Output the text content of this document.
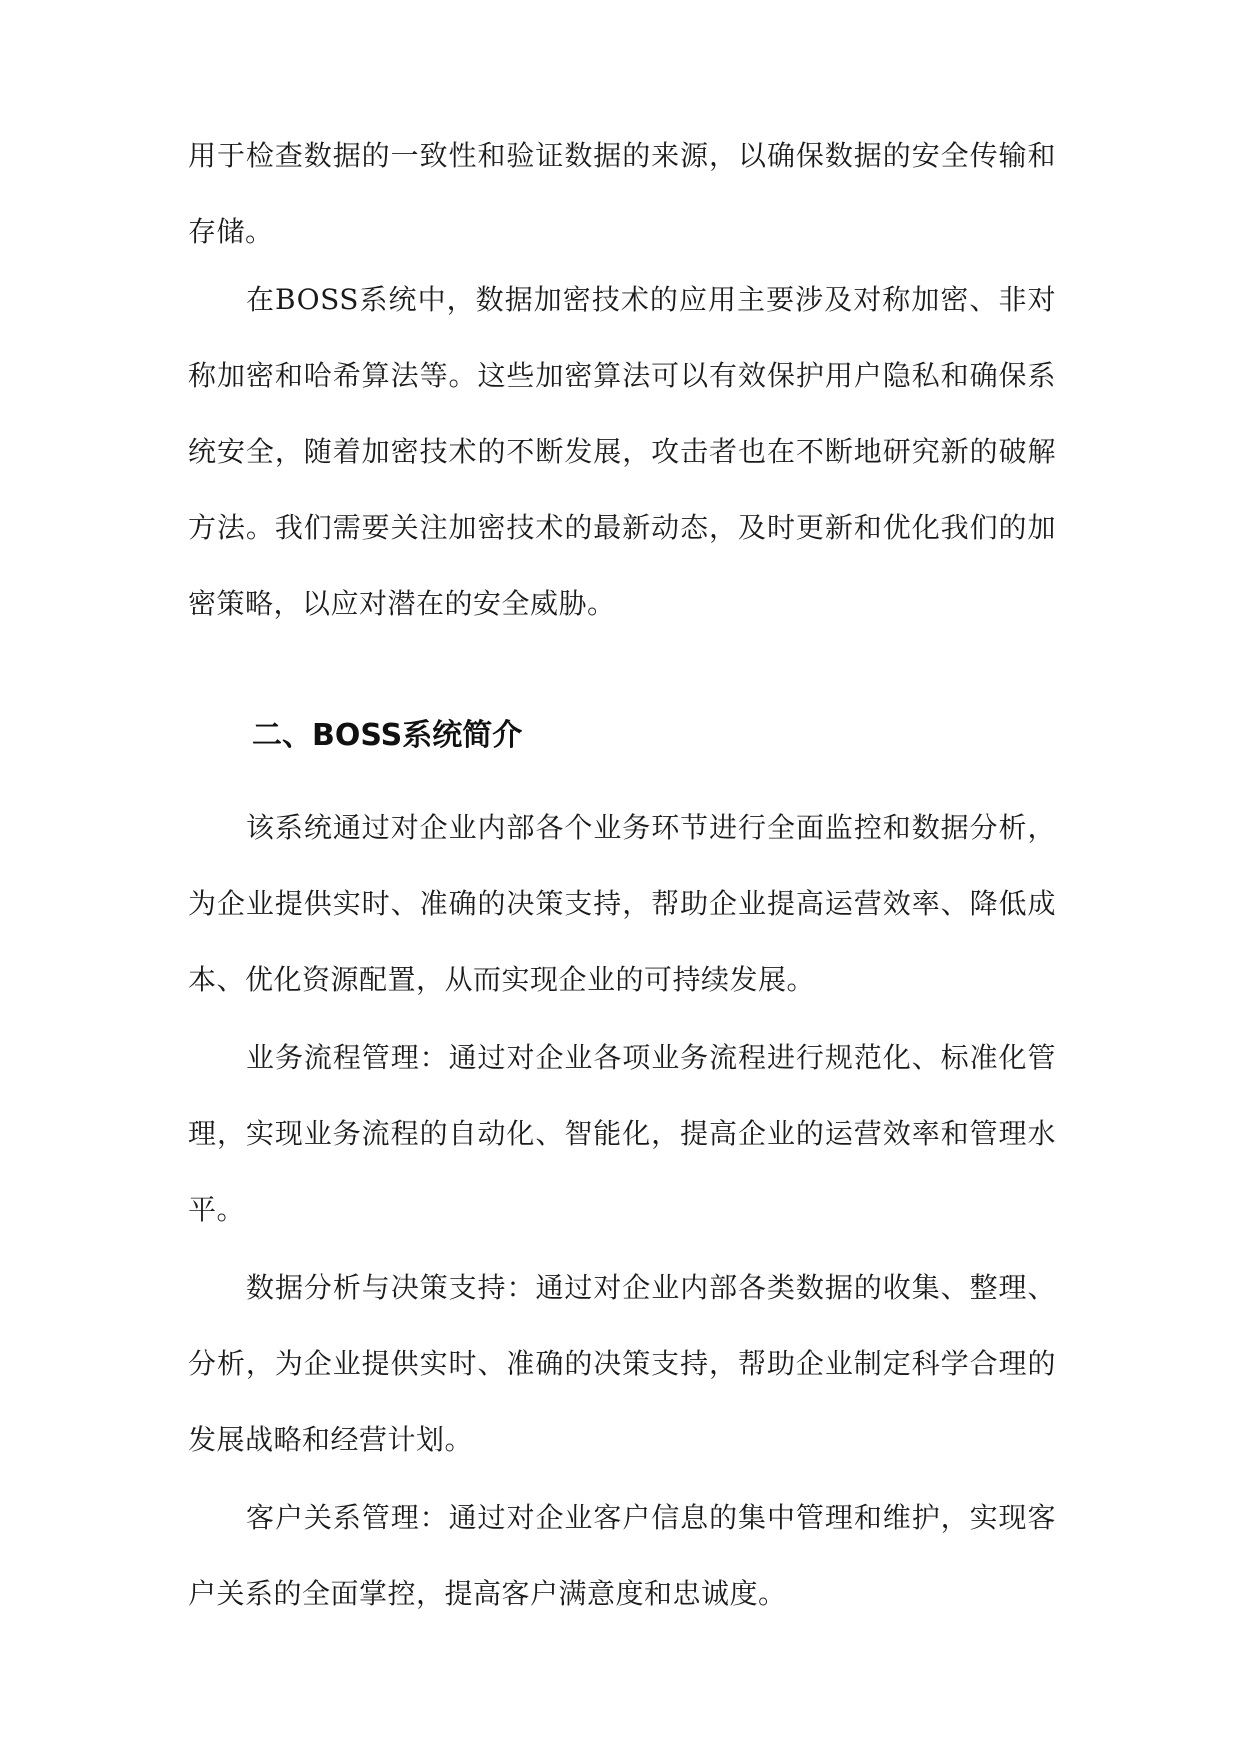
用于检查数据的一致性和验证数据的来源，以确保数据的安全传输和存储。

在BOSS系统中，数据加密技术的应用主要涉及对称加密、非对称加密和哈希算法等。这些加密算法可以有效保护用户隐私和确保系统安全，随着加密技术的不断发展，攻击者也在不断地研究新的破解方法。我们需要关注加密技术的最新动态，及时更新和优化我们的加密策略，以应对潜在的安全威胁。

二、BOSS系统简介

该系统通过对企业内部各个业务环节进行全面监控和数据分析，为企业提供实时、准确的决策支持，帮助企业提高运营效率、降低成本、优化资源配置，从而实现企业的可持续发展。

业务流程管理：通过对企业各项业务流程进行规范化、标准化管理，实现业务流程的自动化、智能化，提高企业的运营效率和管理水平。

数据分析与决策支持：通过对企业内部各类数据的收集、整理、分析，为企业提供实时、准确的决策支持，帮助企业制定科学合理的发展战略和经营计划。

客户关系管理：通过对企业客户信息的集中管理和维护，实现客户关系的全面掌控，提高客户满意度和忠诚度。
